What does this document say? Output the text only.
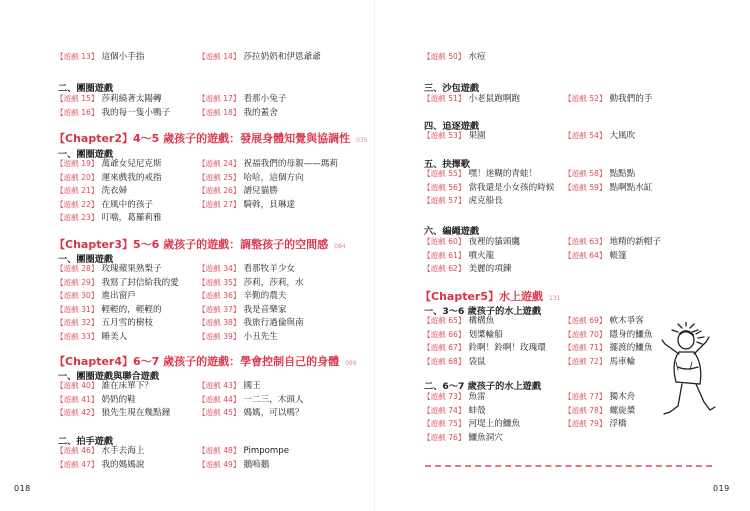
【遊戲 13】 這個小手指	【遊戲 14】 莎拉奶奶和伊恩爺爺
二、團圈遊戲
【遊戲 15】 莎莉繞著太陽轉	【遊戲 17】 看那小兔子
【遊戲 16】 我的每一隻小鴨子	【遊戲 18】 我的蓋舍
【Chapter2】4～5 歲孩子的遊戲：發展身體知覺與協調性 075
一、團圈遊戲
【遊戲 19】 萬爺女兒尼克斯	【遊戲 24】 祝福我們的母親——瑪莉
【遊戲 20】 運來戲我的戒指	【遊戲 25】 哈哈，這個方向
【遊戲 21】 洗衣婦	【遊戲 26】 譜兒貓勝
【遊戲 22】 在風中的孩子	【遊戲 27】 騎斡，貝琳達
【遊戲 23】 叮噹，葛羅莉雅
【Chapter3】5～6 歲孩子的遊戲：調整孩子的空間感 084
一、團圈遊戲
【遊戲 28】 玫瑰蘋果熟梨子	【遊戲 34】 看那牧羊少女
【遊戲 29】 我寫了封信給我的愛	【遊戲 35】 莎莉，莎莉，水
【遊戲 30】 進出窗戶	【遊戲 36】 辛勤的農夫
【遊戲 31】 輕輕的，輕輕的	【遊戲 37】 我是音樂家
【遊戲 32】 五月雪的樹枝	【遊戲 38】 我旅行過倫與南
【遊戲 33】 睡美人	【遊戲 39】 小丑先生
【Chapter4】6～7 歲孩子的遊戲：學會控制自己的身體 099
一、團圈遊戲與聯合遊戲
【遊戲 40】 誰在床單下？	【遊戲 43】 國王
【遊戲 41】 奶奶的鞋	【遊戲 44】 一二三，木頭人
【遊戲 42】 狼先生現在幾點鐘	【遊戲 45】 媽媽，可以嗎？
二、拍手遊戲
【遊戲 46】 水手去海上	【遊戲 48】 Pimpompe
【遊戲 47】 我的媽媽說	【遊戲 49】 鵝嗚鵝
018
【遊戲 50】 水痘
三、沙包遊戲
【遊戲 51】 小老鼠跑啊跑	【遊戲 52】 動我們的手
四、追逐遊戲
【遊戲 53】 果園	【遊戲 54】 大風吹
五、抉擇歌
【遊戲 55】 嘿！迷糊的青蛙！	【遊戲 58】 點點點
【遊戲 56】 當我還是小女孩的時候 【遊戲 59】 點啊點水缸
【遊戲 57】 虎克船長
六、編繩遊戲
【遊戲 60】 夜裡的貓頭鷹	【遊戲 63】 地精的新帽子
【遊戲 61】 噴火龍	【遊戲 64】 帳篷
【遊戲 62】 美麗的項鍊
【Chapter5】水上遊戲 131
一、3～6 歲孩子的水上遊戲
【遊戲 65】 構構魚	【遊戲 69】 軟木爭客
【遊戲 66】 划槳輪船	【遊戲 70】 隱身的鱷魚
【遊戲 67】 鈴啊！鈴啊！玫瑰環 【遊戲 71】 擺渡的鱷魚
【遊戲 68】 袋鼠	【遊戲 72】 馬車輪
二、6～7 歲孩子的水上遊戲
【遊戲 73】 魚雷	【遊戲 77】 獨木舟
【遊戲 74】 蚌殼	【遊戲 78】 螺旋槳
【遊戲 75】 河堤上的鱷魚	【遊戲 79】 浮橋
【遊戲 76】 鱷魚洞穴
019
